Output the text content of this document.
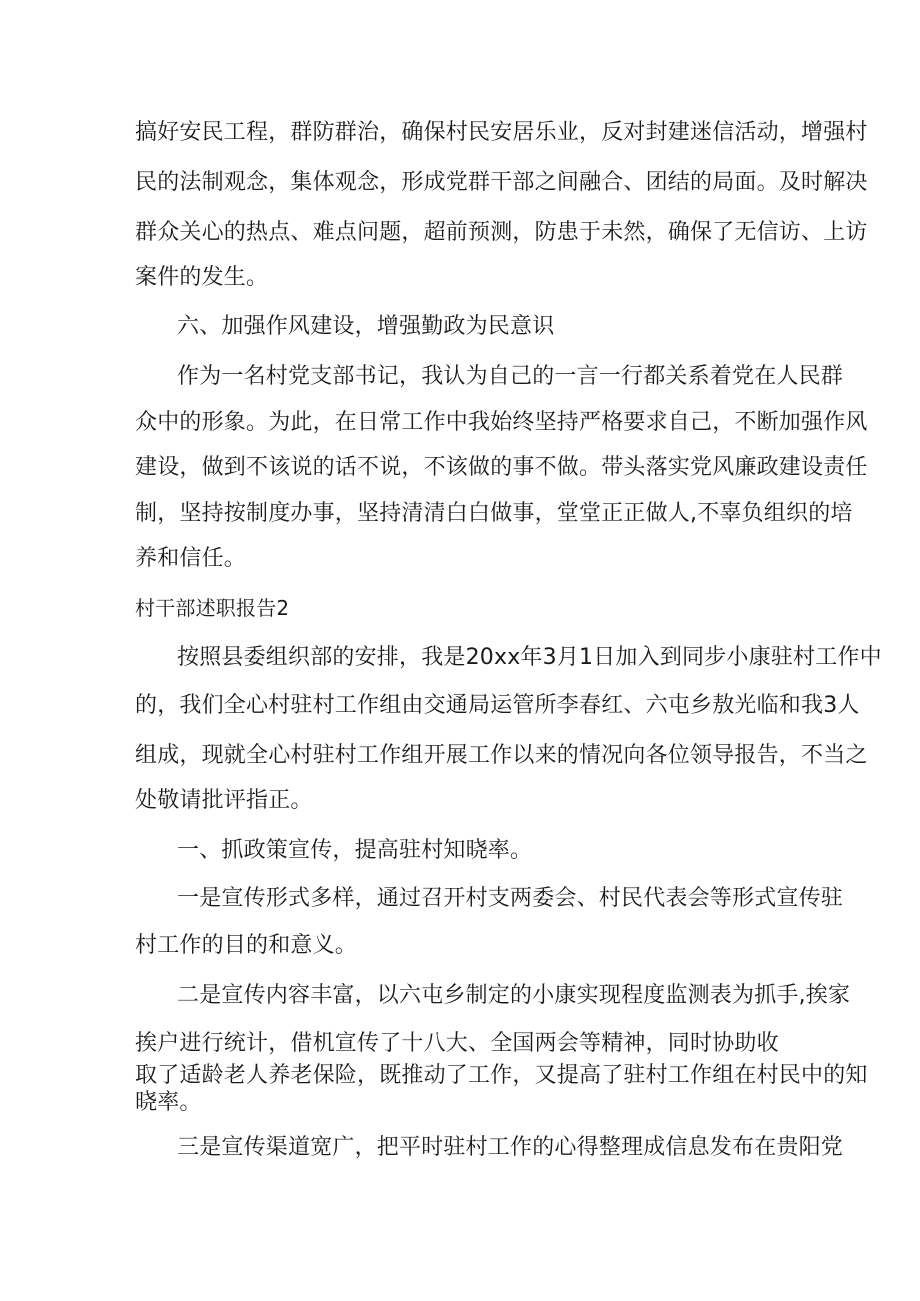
搞好安民工程，群防群治，确保村民安居乐业，反对封建迷信活动，增强村
民的法制观念，集体观念，形成党群干部之间融合、团结的局面。及时解决
群众关心的热点、难点问题，超前预测，防患于未然，确保了无信访、上访
案件的发生。
六、加强作风建设，增强勤政为民意识
作为一名村党支部书记，我认为自己的一言一行都关系着党在人民群
众中的形象。为此，在日常工作中我始终坚持严格要求自己，不断加强作风
建设，做到不该说的话不说，不该做的事不做。带头落实党风廉政建设责任
制，坚持按制度办事，坚持清清白白做事，堂堂正正做人,不辜负组织的培
养和信任。
村干部述职报告2
按照县委组织部的安排，我是20xx年3月1日加入到同步小康驻村工作中
的，我们全心村驻村工作组由交通局运管所李春红、六屯乡敖光临和我3人
组成，现就全心村驻村工作组开展工作以来的情况向各位领导报告，不当之
处敬请批评指正。
一、抓政策宣传，提高驻村知晓率。
一是宣传形式多样，通过召开村支两委会、村民代表会等形式宣传驻
村工作的目的和意义。
二是宣传内容丰富，以六屯乡制定的小康实现程度监测表为抓手,挨家
挨户进行统计，借机宣传了十八大、全国两会等精神，同时协助收
取了适龄老人养老保险，既推动了工作，又提高了驻村工作组在村民中的知
晓率。
三是宣传渠道宽广，把平时驻村工作的心得整理成信息发布在贵阳党
